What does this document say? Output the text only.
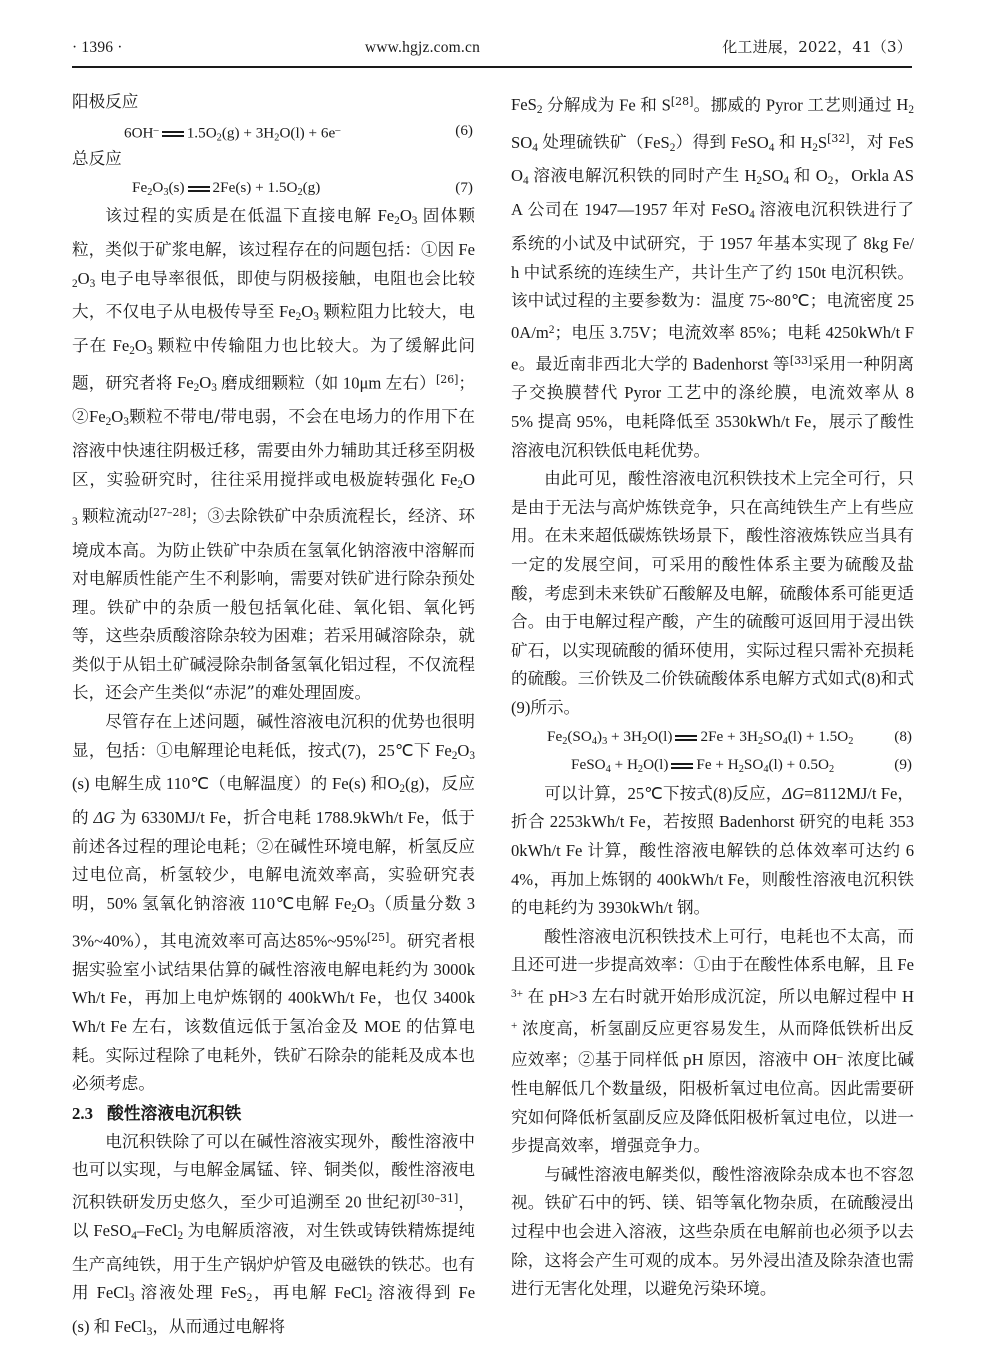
· 1396 ·	www.hgjz.com.cn	化工进展，2022，41（3）

阳极反应

6OH– $1.5O_2(g) + 3H_2O(l) + 6e^-$	(6)

总反应

$Fe_2O_3(s) 2Fe(s) + 1.5O_2(g)$	(7)

该过程的实质是在低温下直接电解 $Fe_2O_3$ 固体颗粒，类似于矿浆电解，该过程存在的问题包括：①因 $Fe_2O_3$ 电子电导率很低，即使与阴极接触，电阻也会比较大，不仅电子从电极传导至 $Fe_2O_3$ 颗粒阻力比较大，电子在 $Fe_2O_3$ 颗粒中传输阻力也比较大。为了缓解此问题，研究者将 $Fe_2O_3$ 磨成细颗粒（如 10μm 左右）[26]；$②Fe_2O_3$颗粒不带电/带电弱，不会在电场力的作用下在溶液中快速往阴极迁移，需要由外力辅助其迁移至阴极区，实验研究时，往往采用搅拌或电极旋转强化 $Fe_2O_3$ 颗粒流动[27–28]；③去除铁矿中杂质流程长，经济、环境成本高。为防止铁矿中杂质在氢氧化钠溶液中溶解而对电解质性能产生不利影响，需要对铁矿进行除杂预处理。铁矿中的杂质一般包括氧化硅、氧化铝、氧化钙等，这些杂质酸溶除杂较为困难；若采用碱溶除杂，就类似于从铝土矿碱浸除杂制备氢氧化铝过程，不仅流程长，还会产生类似“赤泥”的难处理固废。

尽管存在上述问题，碱性溶液电沉积的优势也很明显，包括：①电解理论电耗低，按式(7)，25℃下 $Fe_2O_3(s)$ 电解生成 110℃（电解温度）的 Fe(s) 和$O_2(g)$，反应的 ΔG 为 6330MJ/t Fe，折合电耗 1788.9kWh/t Fe，低于前述各过程的理论电耗；②在碱性环境电解，析氢反应过电位高，析氢较少，电解电流效率高，实验研究表明，50% 氢氧化钠溶液 110℃电解 $Fe_2O_3$（质量分数 33%~40%），其电流效率可高达85%~95%[25]。研究者根据实验室小试结果估算的碱性溶液电解电耗约为 3000kWh/t Fe，再加上电炉炼钢的 400kWh/t Fe，也仅 3400kWh/t Fe 左右，该数值远低于氢冶金及 MOE 的估算电耗。实际过程除了电耗外，铁矿石除杂的能耗及成本也必须考虑。

2.3 酸性溶液电沉积铁

电沉积铁除了可以在碱性溶液实现外，酸性溶液中也可以实现，与电解金属锰、锌、铜类似，酸性溶液电沉积铁研发历史悠久，至少可追溯至 20 世纪初[30–31]，以 FeSO$_4$–FeCl$_2$ 为电解质溶液，对生铁或铸铁精炼提纯生产高纯铁，用于生产锅炉炉管及电磁铁的铁芯。也有用 FeCl$_3$ 溶液处理 FeS$_2$，再电解 FeCl$_2$ 溶液得到 Fe(s) 和 FeCl$_3$，从而通过电解将

FeS$_2$ 分解成为 Fe 和 S[28]。挪威的 Pyror 工艺则通过 $H_2SO_4$ 处理硫铁矿（FeS$_2$）得到 FeSO$_4$ 和 $H_2S[32]$，对 FeSO$_4$ 溶液电解沉积铁的同时产生 $H_2SO_4$ 和 $O_2$，Orkla ASA 公司在 1947—1957 年对 FeSO$_4$ 溶液电沉积铁进行了系统的小试及中试研究，于 1957 年基本实现了 8kg Fe/h 中试系统的连续生产，共计生产了约 150t 电沉积铁。该中试过程的主要参数为：温度 75~80℃；电流密度 $250A/m^2$；电压 3.75V；电流效率 85%；电耗 4250kWh/t Fe。最近南非西北大学的 Badenhorst 等[33]采用一种阴离子交换膜替代 Pyror 工艺中的涤纶膜，电流效率从 85% 提高 95%，电耗降低至 3530kWh/t Fe，展示了酸性溶液电沉积铁低电耗优势。

由此可见，酸性溶液电沉积铁技术上完全可行，只是由于无法与高炉炼铁竞争，只在高纯铁生产上有些应用。在未来超低碳炼铁场景下，酸性溶液炼铁应当具有一定的发展空间，可采用的酸性体系主要为硫酸及盐酸，考虑到未来铁矿石酸解及电解，硫酸体系可能更适合。由于电解过程产酸，产生的硫酸可返回用于浸出铁矿石，以实现硫酸的循环使用，实际过程只需补充损耗的硫酸。三价铁及二价铁硫酸体系电解方式如式(8)和式(9)所示。

$Fe_2(SO_4)_3 + 3H_2O(l) 2Fe + 3H_2SO_4(l) + 1.5O_2$	(8)
FeSO$_4$ + $H_2O(l) Fe + H_2SO_4(l) + 0.5O_2$	(9)

可以计算，25℃下按式(8)反应，ΔG=8112MJ/t Fe，折合 2253kWh/t Fe，若按照 Badenhorst 研究的电耗 3530kWh/t Fe 计算，酸性溶液电解铁的总体效率可达约 64%，再加上炼钢的 400kWh/t Fe，则酸性溶液电沉积铁的电耗约为 3930kWh/t 钢。

酸性溶液电沉积铁技术上可行，电耗也不太高，而且还可进一步提高效率：①由于在酸性体系电解，且 $Fe^{3+}$ 在 pH>3 左右时就开始形成沉淀，所以电解过程中 H+ 浓度高，析氢副反应更容易发生，从而降低铁析出反应效率；②基于同样低 pH 原因，溶液中 OH– 浓度比碱性电解低几个数量级，阳极析氧过电位高。因此需要研究如何降低析氢副反应及降低阳极析氧过电位，以进一步提高效率，增强竞争力。

与碱性溶液电解类似，酸性溶液除杂成本也不容忽视。铁矿石中的钙、镁、铝等氧化物杂质，在硫酸浸出过程中也会进入溶液，这些杂质在电解前也必须予以去除，这将会产生可观的成本。另外浸出渣及除杂渣也需进行无害化处理，以避免污染环境。
